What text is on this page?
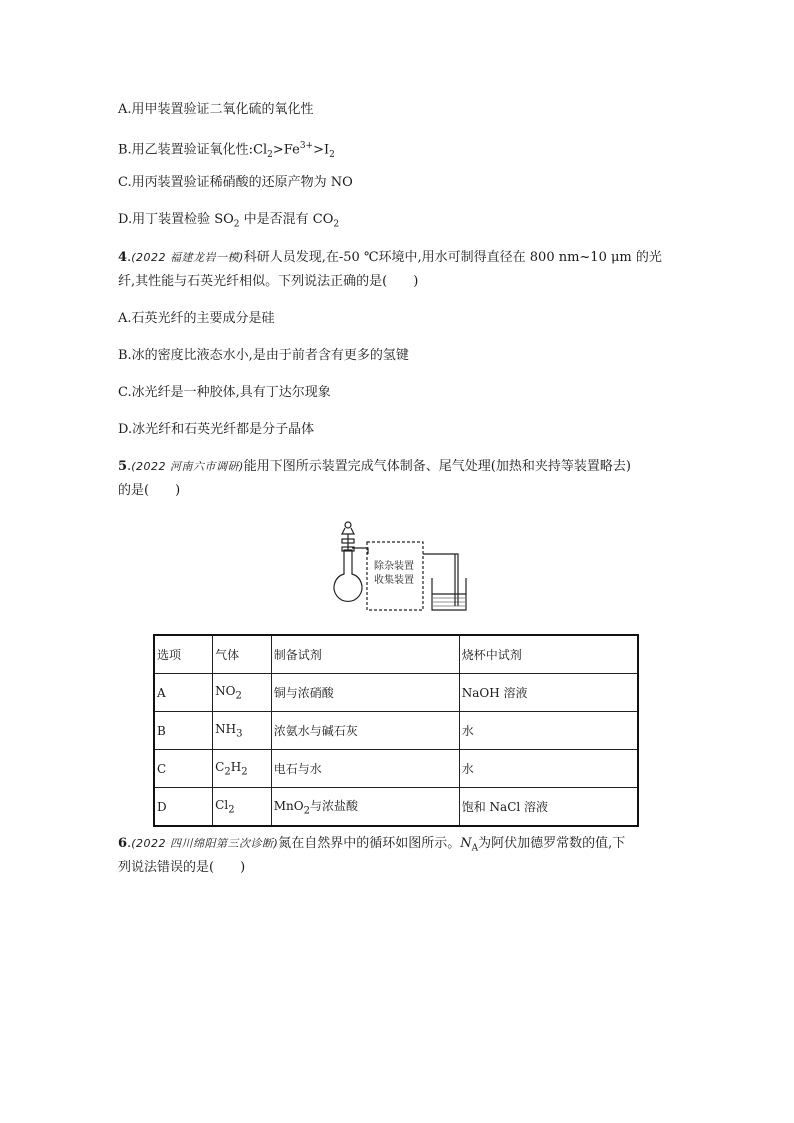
A.用甲装置验证二氧化硫的氧化性
B.用乙装置验证氧化性$:Cl_2>Fe^{3+}>I_2$
C.用丙装置验证稀硝酸的还原产物为 NO
D.用丁装置检验 $SO_2$ 中是否混有 $CO_2$
4.(2022 福建龙岩一模)科研人员发现,在-50 ℃环境中,用水可制得直径在 800 nm~10 μm 的光
纤,其性能与石英光纤相似。下列说法正确的是(　　)
A.石英光纤的主要成分是硅
B.冰的密度比液态水小,是由于前者含有更多的氢键
C.冰光纤是一种胶体,具有丁达尔现象
D.冰光纤和石英光纤都是分子晶体
5.(2022 河南六市调研)能用下图所示装置完成气体制备、尾气处理(加热和夹持等装置略去)
的是(　　)
除杂装置
收集装置
选项	气体	制备试剂	烧杯中试剂
A	$NO_2$	铜与浓硝酸	NaOH 溶液
B	$NH_3$	浓氨水与碱石灰	水
C	$C_2H_2$	电石与水	水
D	$Cl_2$	MnO$_2$与浓盐酸	饱和 NaCl 溶液
6.(2022 四川绵阳第三次诊断)氮在自然界中的循环如图所示。$N_A$为阿伏加德罗常数的值,下
列说法错误的是(　　)
